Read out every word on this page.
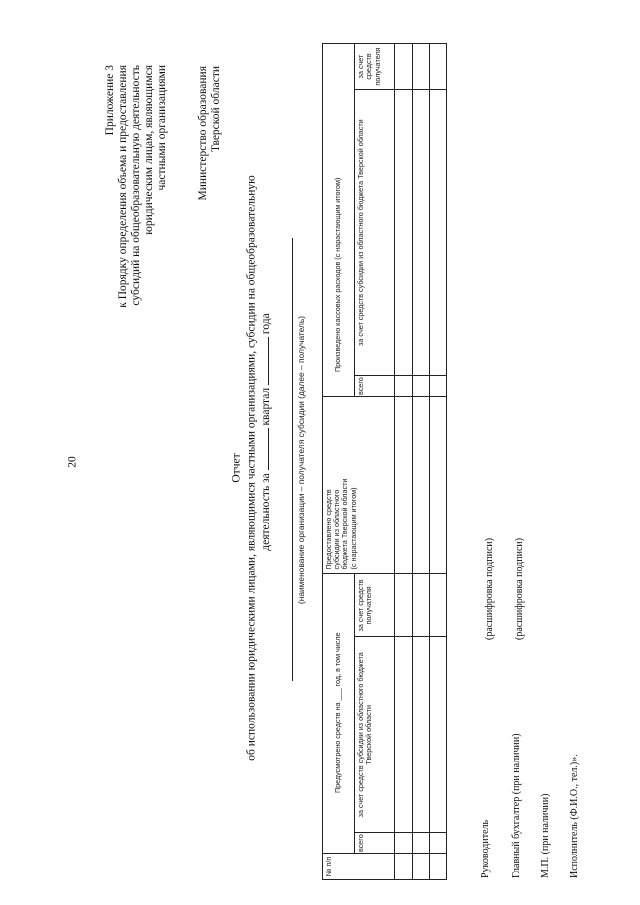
20
Приложение 3 к Порядку определения объема и предоставления субсидий на общеобразовательную деятельность юридическим лицам, являющимся частными организациями	Министерство образования Тверской области
Отчет об использовании юридическими лицами, являющимися частными организациями, субсидии на общеобразовательную деятельность за  квартал  года	(наименование организации – получателя субсидии (далее – получатель)
№ п/п	Предусмотрено средств на ___ год, в том числе			Предоставлено средств субсидии из областного бюджета Тверской области (с нарастающим итогом)	Произведено кассовых расходов (с нарастающим итогом)		
	всего	за счет средств субсидии из областного бюджета Тверской области	за счет средств получателя		всего	за счет средств субсидии из областного бюджета Тверской области	за счет средств получателя

Руководитель
(расшифровка подписи)
Главный бухгалтер (при наличии)
(расшифровка подписи)
М.П. (при наличии) Исполнитель (Ф.И.О., тел.)».
